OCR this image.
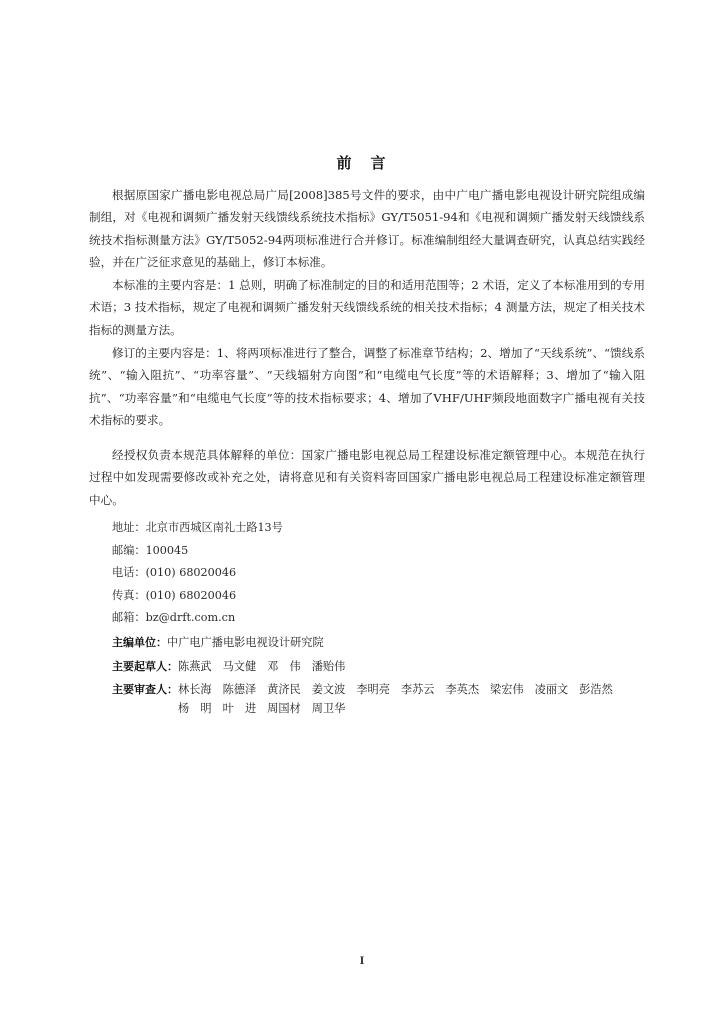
前　言

根据原国家广播电影电视总局广局[2008]385号文件的要求，由中广电广播电影电视设计研究院组成编制组，对《电视和调频广播发射天线馈线系统技术指标》GY/T5051-94和《电视和调频广播发射天线馈线系统技术指标测量方法》GY/T5052-94两项标准进行合并修订。标准编制组经大量调查研究，认真总结实践经验，并在广泛征求意见的基础上，修订本标准。

本标准的主要内容是：1 总则，明确了标准制定的目的和适用范围等；2 术语，定义了本标准用到的专用术语；3 技术指标，规定了电视和调频广播发射天线馈线系统的相关技术指标；4 测量方法，规定了相关技术指标的测量方法。

修订的主要内容是：1、将两项标准进行了整合，调整了标准章节结构；2、增加了“天线系统”、“馈线系统”、“输入阻抗”、“功率容量”、“天线辐射方向图”和“电缆电气长度”等的术语解释；3、增加了“输入阻抗”、“功率容量”和“电缆电气长度”等的技术指标要求；4、增加了VHF/UHF频段地面数字广播电视有关技术指标的要求。

经授权负责本规范具体解释的单位：国家广播电影电视总局工程建设标准定额管理中心。本规范在执行过程中如发现需要修改或补充之处，请将意见和有关资料寄回国家广播电影电视总局工程建设标准定额管理中心。

地址：北京市西城区南礼士路13号
邮编：100045
电话：(010) 68020046
传真：(010) 68020046
邮箱：bz@drft.com.cn
主编单位： 中广电广播电影电视设计研究院
主要起草人： 陈燕武 马文健 邓　伟 潘贻伟
主要审查人： 林长海 陈德泽 黄济民 姜文波 李明亮 李苏云 李英杰 梁宏伟 凌丽文 彭浩然
杨　明 叶　进 周国材 周卫华
I
